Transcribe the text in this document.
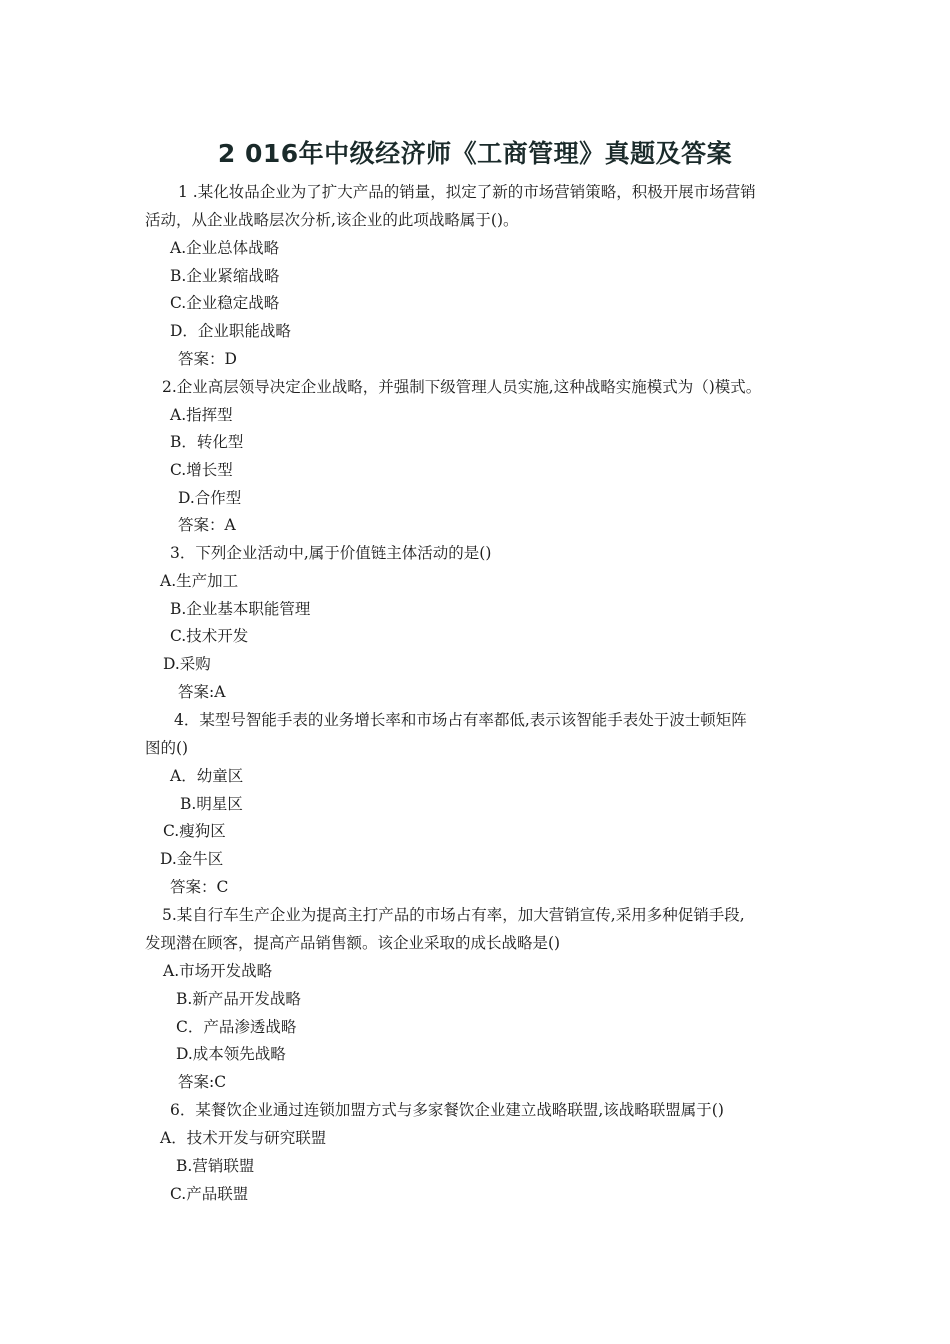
2 016年中级经济师《工商管理》真题及答案
1 .某化妆品企业为了扩大产品的销量，拟定了新的市场营销策略，积极开展市场营销
活动，从企业战略层次分析,该企业的此项战略属于()。
A.企业总体战略
B.企业紧缩战略
C.企业稳定战略
D．企业职能战略
答案：D
2.企业高层领导决定企业战略，并强制下级管理人员实施,这种战略实施模式为（)模式。
A.指挥型
B．转化型
C.增长型
D.合作型
答案：A
3．下列企业活动中,属于价值链主体活动的是()
A.生产加工
B.企业基本职能管理
C.技术开发
D.采购
答案:A
4．某型号智能手表的业务增长率和市场占有率都低,表示该智能手表处于波士顿矩阵
图的()
A．幼童区
B.明星区
C.瘦狗区
D.金牛区
答案：C
5.某自行车生产企业为提高主打产品的市场占有率，加大营销宣传,采用多种促销手段,
发现潜在顾客，提高产品销售额。该企业采取的成长战略是()
A.市场开发战略
B.新产品开发战略
C．产品渗透战略
D.成本领先战略
答案:C
6．某餐饮企业通过连锁加盟方式与多家餐饮企业建立战略联盟,该战略联盟属于()
A．技术开发与研究联盟
B.营销联盟
C.产品联盟
